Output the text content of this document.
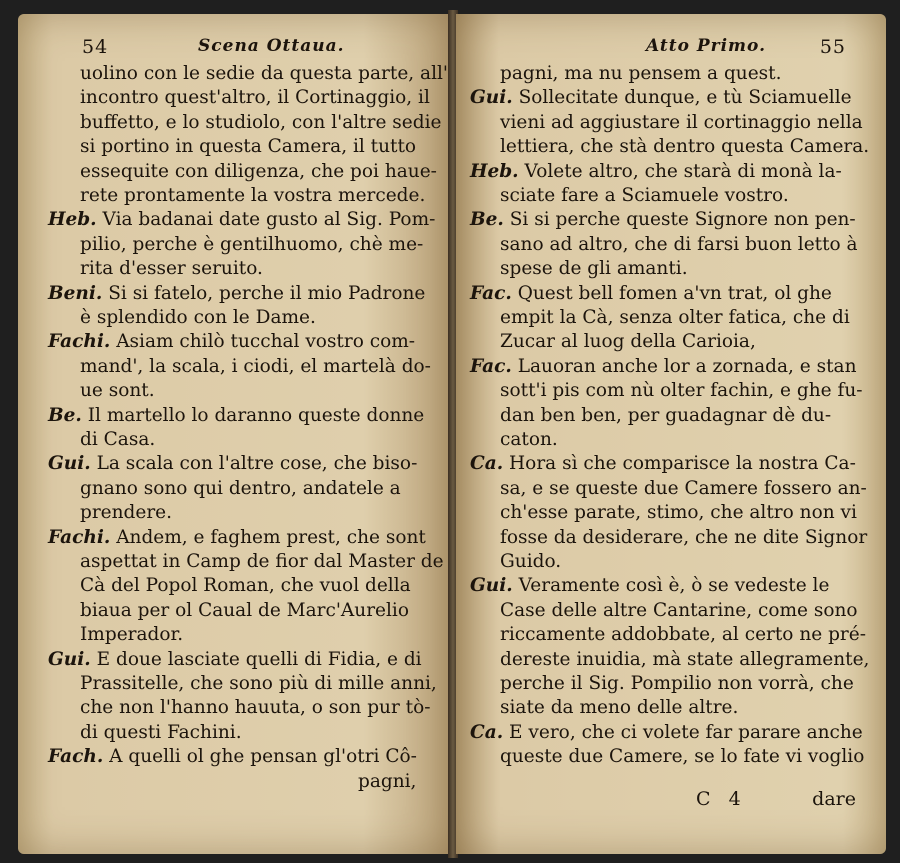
54	Scena Ottaua.
uolino con le sedie da questa parte, all'
incontro quest'altro, il Cortinaggio, il
buffetto, e lo studiolo, con l'altre sedie
si portino in questa Camera, il tutto
essequite con diligenza, che poi haue-
rete prontamente la vostra mercede.
Heb. Via badanai date gusto al Sig. Pom-
pilio, perche è gentilhuomo, chè me-
rita d'esser seruito.
Beni. Si si fatelo, perche il mio Padrone
è splendido con le Dame.
Fachi. Asiam chilò tucchal vostro com-
mand', la scala, i ciodi, el martelà do-
ue sont.
Be. Il martello lo daranno queste donne
di Casa.
Gui. La scala con l'altre cose, che biso-
gnano sono qui dentro, andatele a
prendere.
Fachi. Andem, e faghem prest, che sont
aspettat in Camp de fior dal Master de
Cà del Popol Roman, che vuol della
biaua per ol Caual de Marc'Aurelio
Imperador.
Gui. E doue lasciate quelli di Fidia, e di
Prassitelle, che sono più di mille anni,
che non l'hanno hauuta, o son pur tò-
di questi Fachini.
Fach. A quelli ol ghe pensan gl'otri Cô-
pagni,
Atto Primo.	55
pagni, ma nu pensem a quest.
Gui. Sollecitate dunque, e tù Sciamuelle
vieni ad aggiustare il cortinaggio nella
lettiera, che stà dentro questa Camera.
Heb. Volete altro, che starà di monà la-
sciate fare a Sciamuele vostro.
Be. Si si perche queste Signore non pen-
sano ad altro, che di farsi buon letto à
spese de gli amanti.
Fac. Quest bell fomen a'vn trat, ol ghe
empit la Cà, senza olter fatica, che di
Zucar al luog della Carioia,
Fac. Lauoran anche lor a zornada, e stan
sott'i pis com nù olter fachin, e ghe fu-
dan ben ben, per guadagnar dè du-
caton.
Ca. Hora sì che comparisce la nostra Ca-
sa, e se queste due Camere fossero an-
ch'esse parate, stimo, che altro non vi
fosse da desiderare, che ne dite Signor
Guido.
Gui. Veramente così è, ò se vedeste le
Case delle altre Cantarine, come sono
riccamente addobbate, al certo ne pré-
dereste inuidia, mà state allegramente,
perche il Sig. Pompilio non vorrà, che
siate da meno delle altre.
Ca. E vero, che ci volete far parare anche
queste due Camere, se lo fate vi voglio
C 4	dare
